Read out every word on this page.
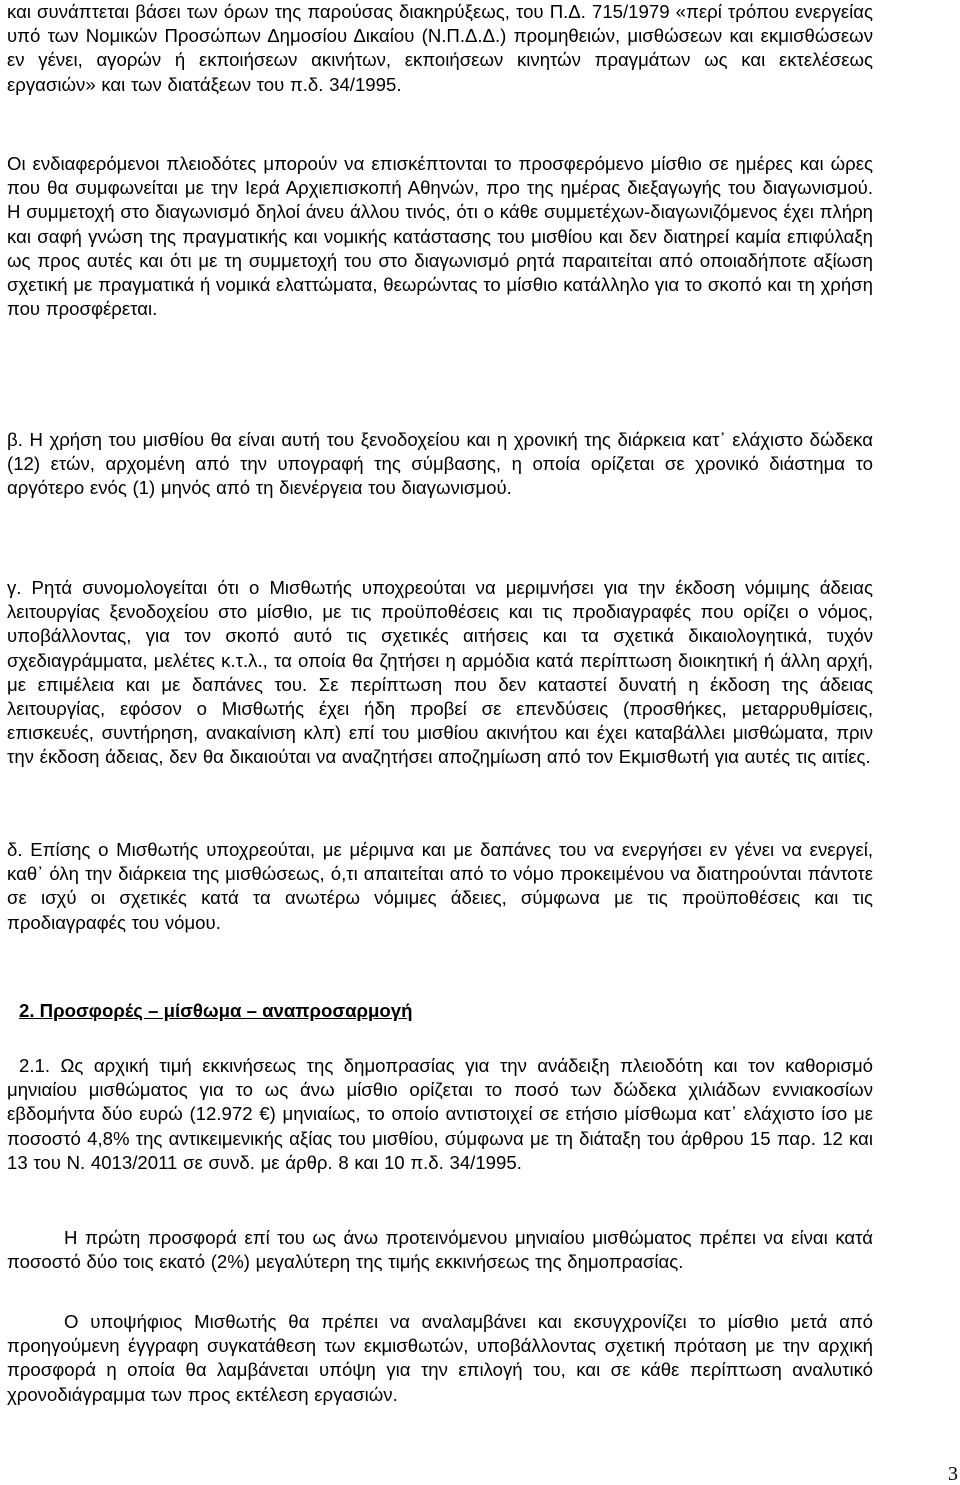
και συνάπτεται βάσει των όρων της παρούσας διακηρύξεως, του Π.Δ. 715/1979 «περί τρόπου ενεργείας υπό των Νομικών Προσώπων Δημοσίου Δικαίου (Ν.Π.Δ.Δ.) προμηθειών, μισθώσεων και εκμισθώσεων εν γένει, αγορών ή εκποιήσεων ακινήτων, εκποιήσεων κινητών πραγμάτων ως και εκτελέσεως εργασιών» και των διατάξεων του π.δ. 34/1995.

Οι ενδιαφερόμενοι πλειοδότες μπορούν να επισκέπτονται το προσφερόμενο μίσθιο σε ημέρες και ώρες που θα συμφωνείται με την Ιερά Αρχιεπισκοπή Αθηνών, προ της ημέρας διεξαγωγής του διαγωνισμού. Η συμμετοχή στο διαγωνισμό δηλοί άνευ άλλου τινός, ότι ο κάθε συμμετέχων-διαγωνιζόμενος έχει πλήρη και σαφή γνώση της πραγματικής και νομικής κατάστασης του μισθίου και δεν διατηρεί καμία επιφύλαξη ως προς αυτές και ότι με τη συμμετοχή του στο διαγωνισμό ρητά παραιτείται από οποιαδήποτε αξίωση σχετική με πραγματικά ή νομικά ελαττώματα, θεωρώντας το μίσθιο κατάλληλο για το σκοπό και τη χρήση που προσφέρεται.

β. Η χρήση του μισθίου θα είναι αυτή του ξενοδοχείου και η χρονική της διάρκεια κατ᾽ ελάχιστο δώδεκα (12) ετών, αρχομένη από την υπογραφή της σύμβασης, η οποία ορίζεται σε χρονικό διάστημα το αργότερο ενός (1) μηνός από τη διενέργεια του διαγωνισμού.

γ. Ρητά συνομολογείται ότι ο Μισθωτής υποχρεούται να μεριμνήσει για την έκδοση νόμιμης άδειας λειτουργίας ξενοδοχείου στο μίσθιο, με τις προϋποθέσεις και τις προδιαγραφές που ορίζει ο νόμος, υποβάλλοντας, για τον σκοπό αυτό τις σχετικές αιτήσεις και τα σχετικά δικαιολογητικά, τυχόν σχεδιαγράμματα, μελέτες κ.τ.λ., τα οποία θα ζητήσει η αρμόδια κατά περίπτωση διοικητική ή άλλη αρχή, με επιμέλεια και με δαπάνες του. Σε περίπτωση που δεν καταστεί δυνατή η έκδοση της άδειας λειτουργίας, εφόσον ο Μισθωτής έχει ήδη προβεί σε επενδύσεις (προσθήκες, μεταρρυθμίσεις, επισκευές, συντήρηση, ανακαίνιση κλπ) επί του μισθίου ακινήτου και έχει καταβάλλει μισθώματα, πριν την έκδοση άδειας, δεν θα δικαιούται να αναζητήσει αποζημίωση από τον Εκμισθωτή για αυτές τις αιτίες.

δ. Επίσης ο Μισθωτής υποχρεούται, με μέριμνα και με δαπάνες του να ενεργήσει εν γένει να ενεργεί, καθ᾽ όλη την διάρκεια της μισθώσεως, ό,τι απαιτείται από το νόμο προκειμένου να διατηρούνται πάντοτε σε ισχύ οι σχετικές κατά τα ανωτέρω νόμιμες άδειες, σύμφωνα με τις προϋποθέσεις και τις προδιαγραφές του νόμου.

2. Προσφορές – μίσθωμα – αναπροσαρμογή

2.1. Ως αρχική τιμή εκκινήσεως της δημοπρασίας για την ανάδειξη πλειοδότη και τον καθορισμό μηνιαίου μισθώματος για το ως άνω μίσθιο ορίζεται το ποσό των δώδεκα χιλιάδων εννιακοσίων εβδομήντα δύο ευρώ (12.972 €) μηνιαίως, το οποίο αντιστοιχεί σε ετήσιο μίσθωμα κατ᾽ ελάχιστο ίσο με ποσοστό 4,8% της αντικειμενικής αξίας του μισθίου, σύμφωνα με τη διάταξη του άρθρου 15 παρ. 12 και 13 του Ν. 4013/2011 σε συνδ. με άρθρ. 8 και 10 π.δ. 34/1995.

Η πρώτη προσφορά επί του ως άνω προτεινόμενου μηνιαίου μισθώματος πρέπει να είναι κατά ποσοστό δύο τοις εκατό (2%) μεγαλύτερη της τιμής εκκινήσεως της δημοπρασίας.

Ο υποψήφιος Μισθωτής θα πρέπει να αναλαμβάνει και εκσυγχρονίζει το μίσθιο μετά από προηγούμενη έγγραφη συγκατάθεση των εκμισθωτών, υποβάλλοντας σχετική πρόταση με την αρχική προσφορά η οποία θα λαμβάνεται υπόψη για την επιλογή του, και σε κάθε περίπτωση αναλυτικό χρονοδιάγραμμα των προς εκτέλεση εργασιών.

3
